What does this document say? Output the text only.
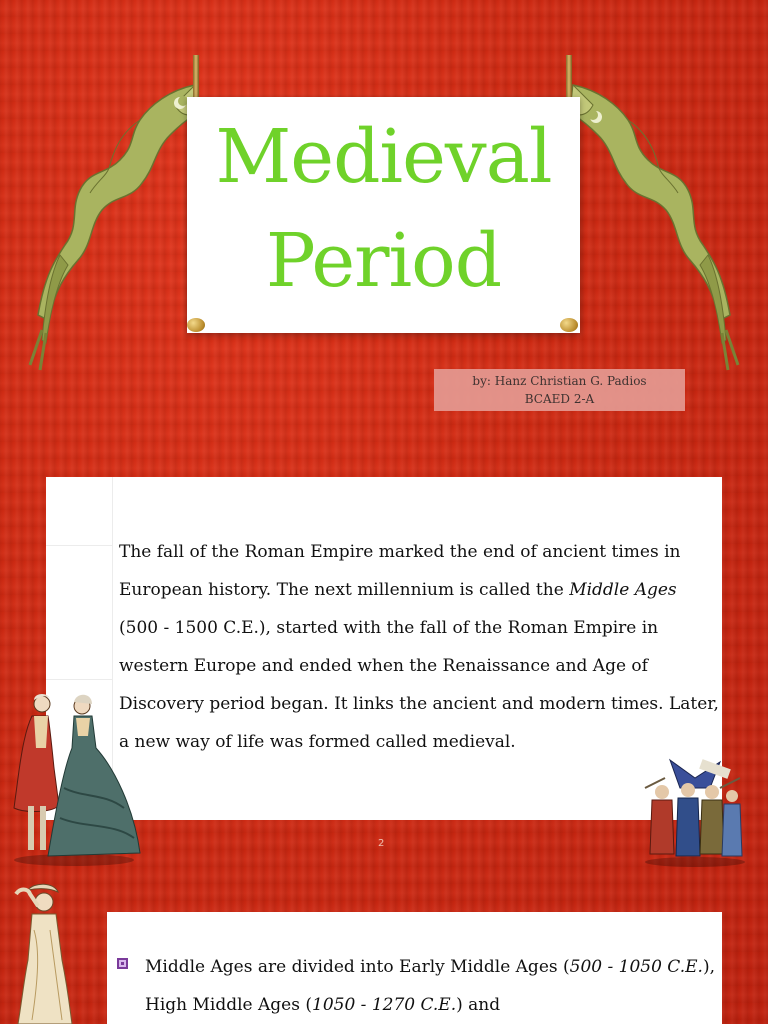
Medieval
Period
by: Hanz Christian G. Padios
BCAED 2-A

The fall of the Roman Empire marked the end of ancient times in European history. The next millennium is called the Middle Ages (500 - 1500 C.E.), started with the fall of the Roman Empire in western Europe and ended when the Renaissance and Age of Discovery period began. It links the ancient and modern times. Later, a new way of life was formed called medieval.

2

Middle Ages are divided into Early Middle Ages (500 - 1050 C.E.), High Middle Ages (1050 - 1270 C.E.) and
